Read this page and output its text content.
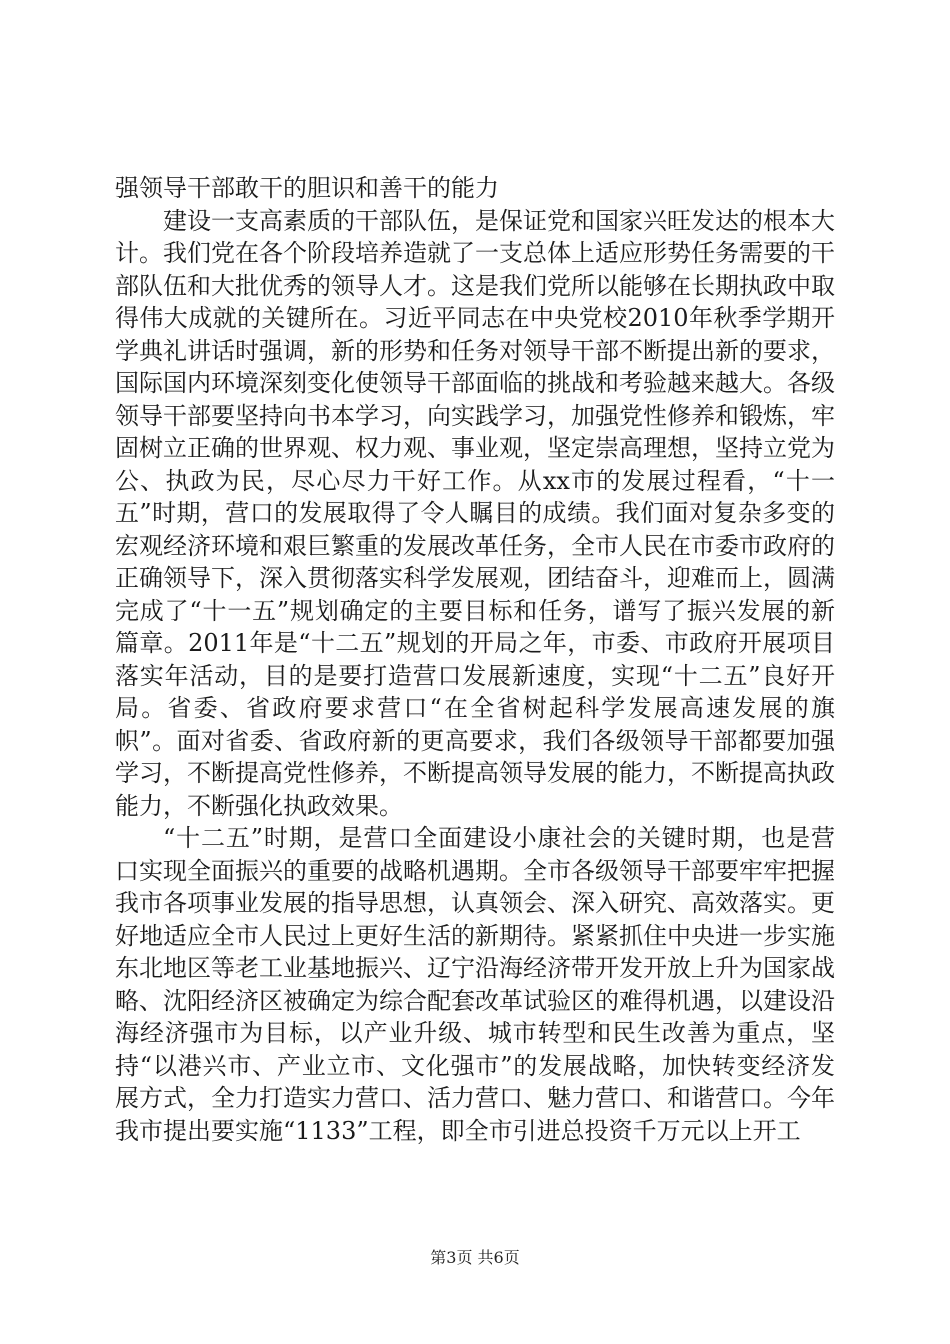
强领导干部敢干的胆识和善干的能力

建设一支高素质的干部队伍，是保证党和国家兴旺发达的根本大计。我们党在各个阶段培养造就了一支总体上适应形势任务需要的干部队伍和大批优秀的领导人才。这是我们党所以能够在长期执政中取得伟大成就的关键所在。习近平同志在中央党校2010年秋季学期开学典礼讲话时强调，新的形势和任务对领导干部不断提出新的要求，国际国内环境深刻变化使领导干部面临的挑战和考验越来越大。各级领导干部要坚持向书本学习，向实践学习，加强党性修养和锻炼，牢固树立正确的世界观、权力观、事业观，坚定崇高理想，坚持立党为公、执政为民，尽心尽力干好工作。从xx市的发展过程看，“十一五”时期，营口的发展取得了令人瞩目的成绩。我们面对复杂多变的宏观经济环境和艰巨繁重的发展改革任务，全市人民在市委市政府的正确领导下，深入贯彻落实科学发展观，团结奋斗，迎难而上，圆满完成了“十一五”规划确定的主要目标和任务，谱写了振兴发展的新篇章。2011年是“十二五”规划的开局之年，市委、市政府开展项目落实年活动，目的是要打造营口发展新速度，实现“十二五”良好开局。省委、省政府要求营口“在全省树起科学发展高速发展的旗帜”。面对省委、省政府新的更高要求，我们各级领导干部都要加强学习，不断提高党性修养，不断提高领导发展的能力，不断提高执政能力，不断强化执政效果。

“十二五”时期，是营口全面建设小康社会的关键时期，也是营口实现全面振兴的重要的战略机遇期。全市各级领导干部要牢牢把握我市各项事业发展的指导思想，认真领会、深入研究、高效落实。更好地适应全市人民过上更好生活的新期待。紧紧抓住中央进一步实施东北地区等老工业基地振兴、辽宁沿海经济带开发开放上升为国家战略、沈阳经济区被确定为综合配套改革试验区的难得机遇，以建设沿海经济强市为目标，以产业升级、城市转型和民生改善为重点，坚持“以港兴市、产业立市、文化强市”的发展战略，加快转变经济发展方式，全力打造实力营口、活力营口、魅力营口、和谐营口。今年我市提出要实施“1133”工程，即全市引进总投资千万元以上开工

第3页 共6页
